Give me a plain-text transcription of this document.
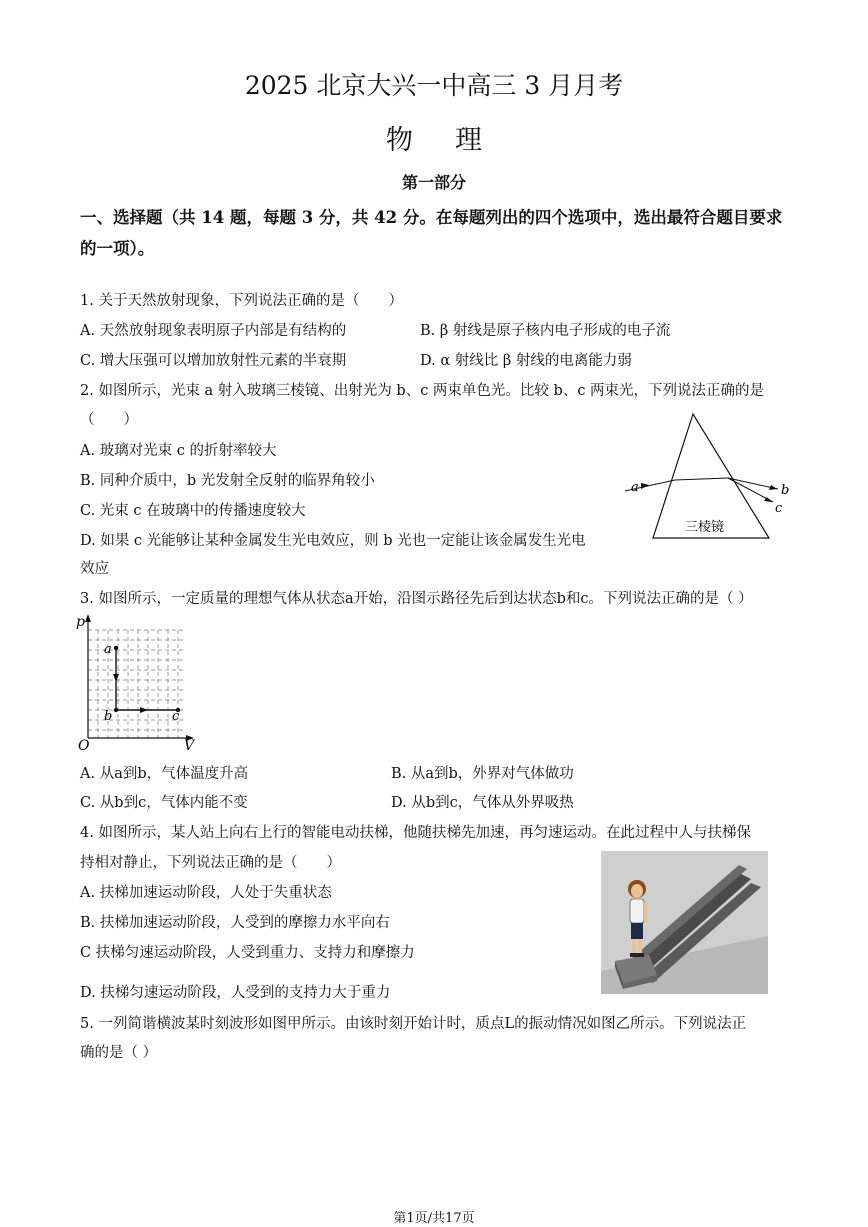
2025 北京大兴一中高三 3 月月考
物理
第一部分
一、选择题（共 14 题，每题 3 分，共 42 分。在每题列出的四个选项中，选出最符合题目要求的一项）。
1. 关于天然放射现象，下列说法正确的是（　　）
A. 天然放射现象表明原子内部是有结构的	B. β 射线是原子核内电子形成的电子流
C. 增大压强可以增加放射性元素的半衰期	D. α 射线比 β 射线的电离能力弱
2. 如图所示，光束 a 射入玻璃三棱镜、出射光为 b、c 两束单色光。比较 b、c 两束光，下列说法正确的是
（　　）
A. 玻璃对光束 c 的折射率较大
B. 同种介质中，b 光发射全反射的临界角较小
C. 光束 c 在玻璃中的传播速度较大
D. 如果 c 光能够让某种金属发生光电效应，则 b 光也一定能让该金属发生光电
效应
a	b
c
三棱镜
3. 如图所示，一定质量的理想气体从状态a开始，沿图示路径先后到达状态b和c。下列说法正确的是（ ）
p
V
O
a
b	c
A. 从a到b，气体温度升高	B. 从a到b，外界对气体做功
C. 从b到c，气体内能不变	D. 从b到c，气体从外界吸热
4. 如图所示，某人站上向右上行的智能电动扶梯，他随扶梯先加速，再匀速运动。在此过程中人与扶梯保
持相对静止，下列说法正确的是（　　）
A. 扶梯加速运动阶段，人处于失重状态
B. 扶梯加速运动阶段，人受到的摩擦力水平向右
C 扶梯匀速运动阶段，人受到重力、支持力和摩擦力
D. 扶梯匀速运动阶段，人受到的支持力大于重力
5. 一列简谐横波某时刻波形如图甲所示。由该时刻开始计时，质点L的振动情况如图乙所示。下列说法正
确的是（ ）
第1页/共17页
